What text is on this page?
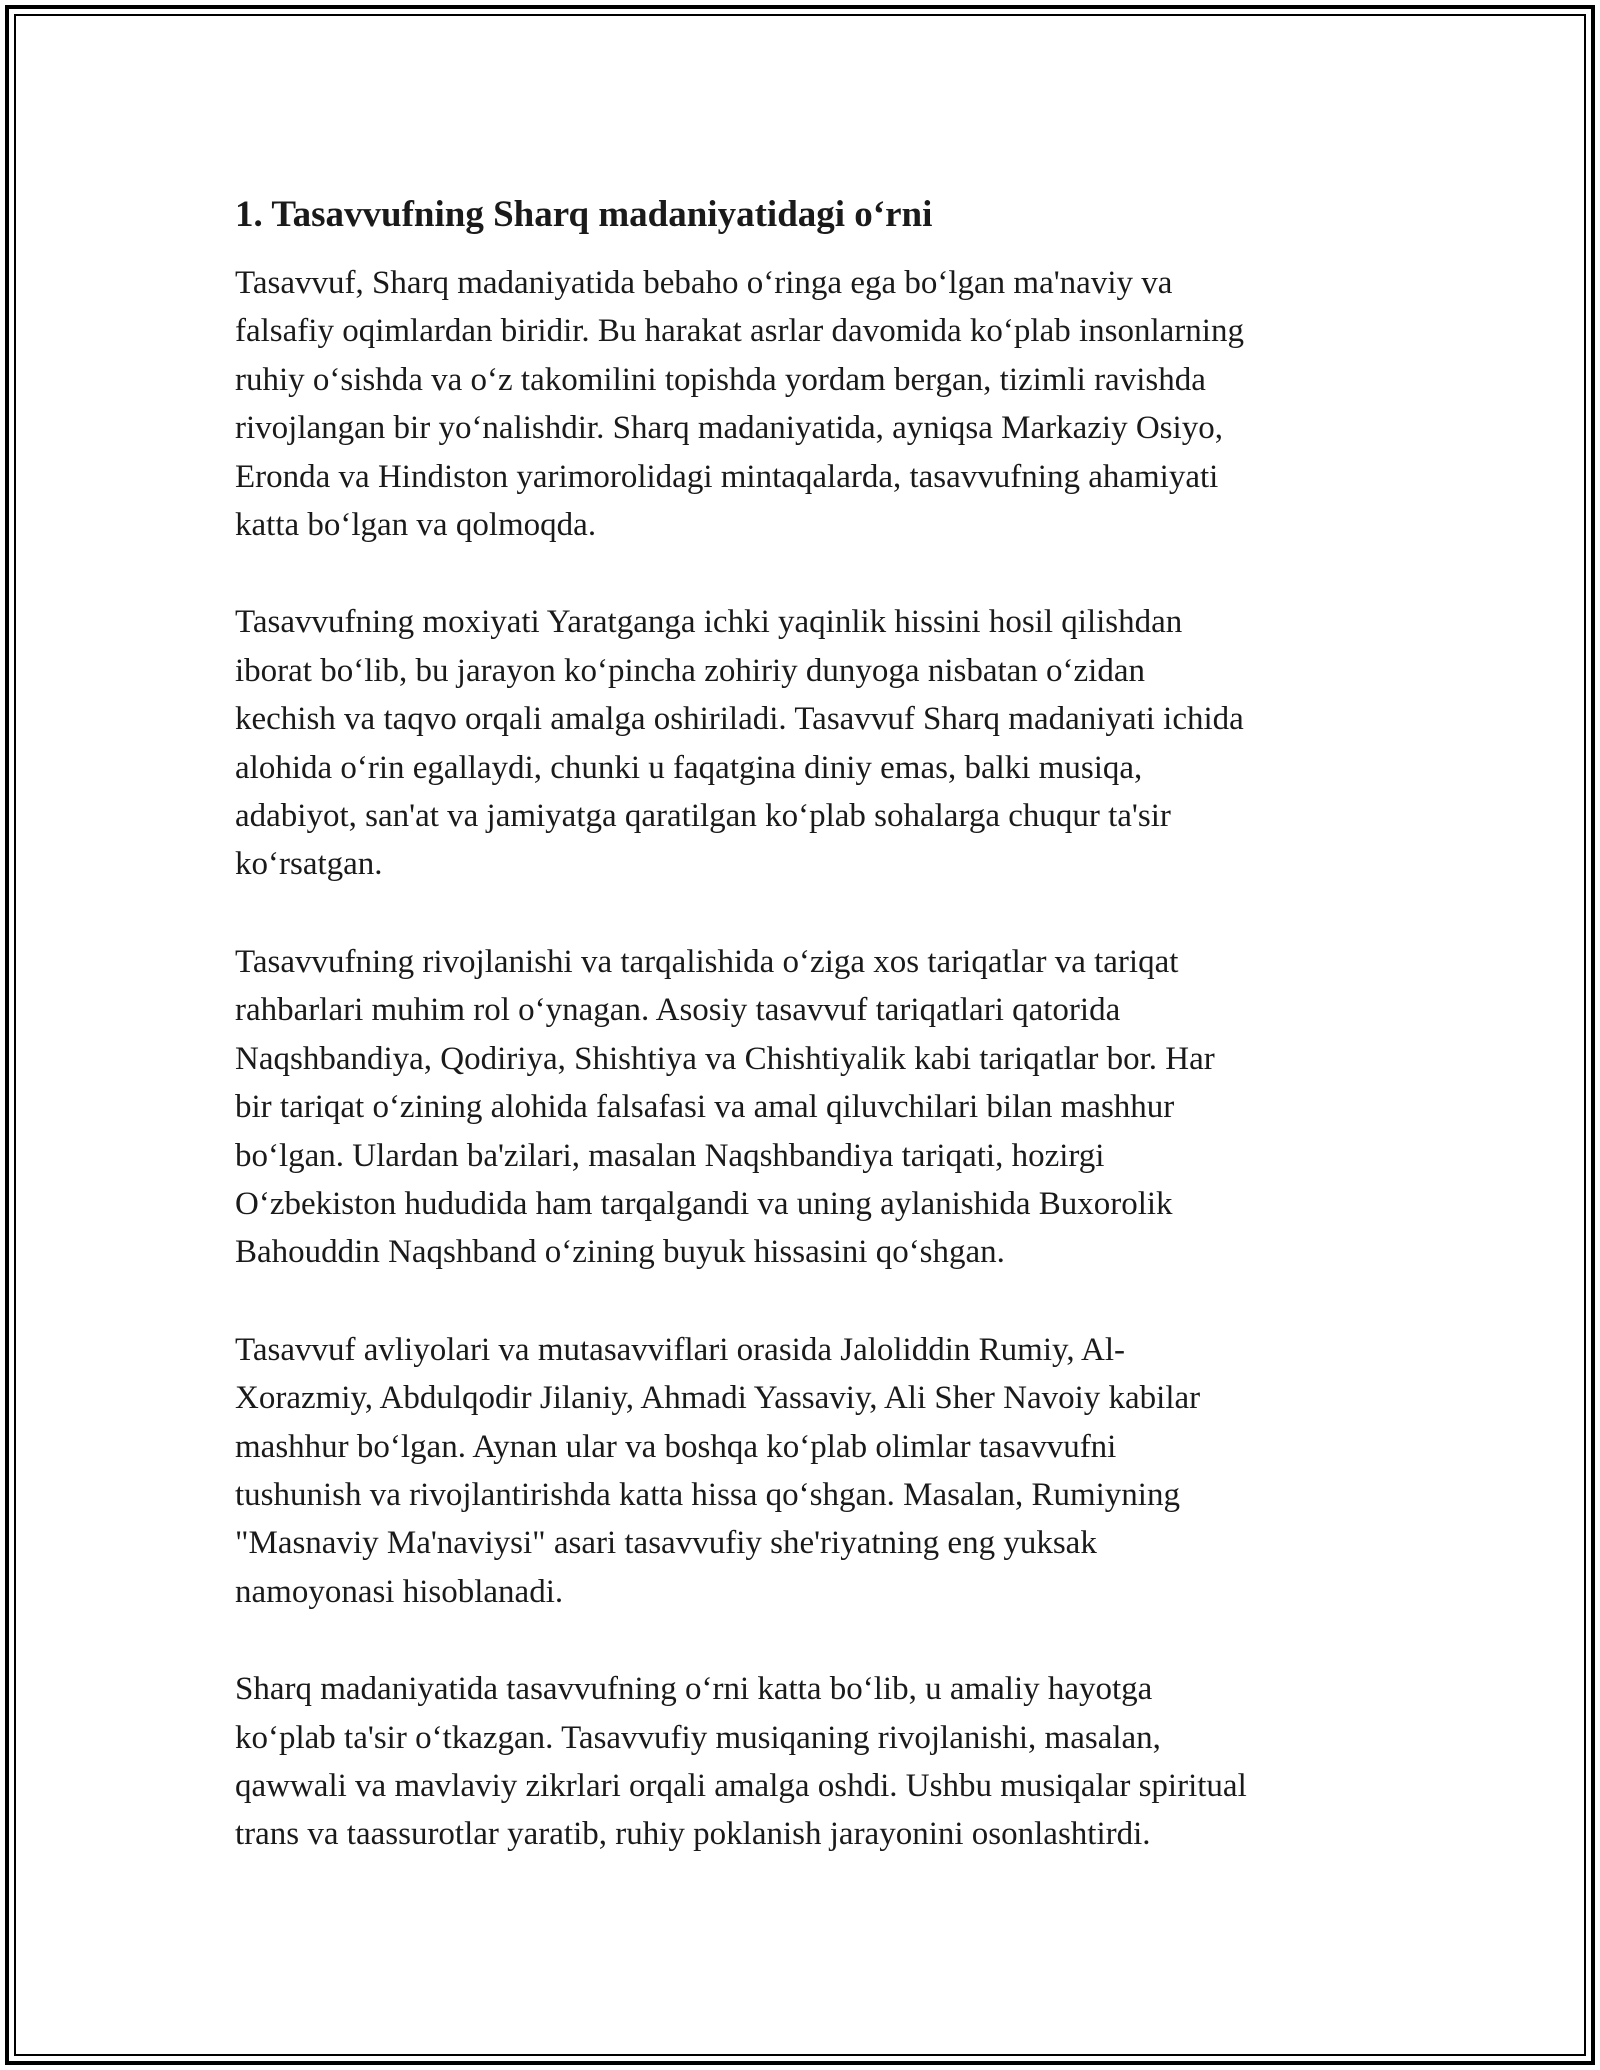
1. Tasavvufning Sharq madaniyatidagi o‘rni
Tasavvuf, Sharq madaniyatida bebaho o‘ringa ega bo‘lgan ma'naviy va
falsafiy oqimlardan biridir. Bu harakat asrlar davomida ko‘plab insonlarning
ruhiy o‘sishda va o‘z takomilini topishda yordam bergan, tizimli ravishda
rivojlangan bir yo‘nalishdir. Sharq madaniyatida, ayniqsa Markaziy Osiyo,
Eronda va Hindiston yarimorolidagi mintaqalarda, tasavvufning ahamiyati
katta bo‘lgan va qolmoqda.
Tasavvufning moxiyati Yaratganga ichki yaqinlik hissini hosil qilishdan
iborat bo‘lib, bu jarayon ko‘pincha zohiriy dunyoga nisbatan o‘zidan
kechish va taqvo orqali amalga oshiriladi. Tasavvuf Sharq madaniyati ichida
alohida o‘rin egallaydi, chunki u faqatgina diniy emas, balki musiqa,
adabiyot, san'at va jamiyatga qaratilgan ko‘plab sohalarga chuqur ta'sir
ko‘rsatgan.
Tasavvufning rivojlanishi va tarqalishida o‘ziga xos tariqatlar va tariqat
rahbarlari muhim rol o‘ynagan. Asosiy tasavvuf tariqatlari qatorida
Naqshbandiya, Qodiriya, Shishtiya va Chishtiyalik kabi tariqatlar bor. Har
bir tariqat o‘zining alohida falsafasi va amal qiluvchilari bilan mashhur
bo‘lgan. Ulardan ba'zilari, masalan Naqshbandiya tariqati, hozirgi
O‘zbekiston hududida ham tarqalgandi va uning aylanishida Buxorolik
Bahouddin Naqshband o‘zining buyuk hissasini qo‘shgan.
Tasavvuf avliyolari va mutasavviflari orasida Jaloliddin Rumiy, Al-
Xorazmiy, Abdulqodir Jilaniy, Ahmadi Yassaviy, Ali Sher Navoiy kabilar
mashhur bo‘lgan. Aynan ular va boshqa ko‘plab olimlar tasavvufni
tushunish va rivojlantirishda katta hissa qo‘shgan. Masalan, Rumiyning
"Masnaviy Ma'naviysi" asari tasavvufiy she'riyatning eng yuksak
namoyonasi hisoblanadi.
Sharq madaniyatida tasavvufning o‘rni katta bo‘lib, u amaliy hayotga
ko‘plab ta'sir o‘tkazgan. Tasavvufiy musiqaning rivojlanishi, masalan,
qawwali va mavlaviy zikrlari orqali amalga oshdi. Ushbu musiqalar spiritual
trans va taassurotlar yaratib, ruhiy poklanish jarayonini osonlashtirdi.
